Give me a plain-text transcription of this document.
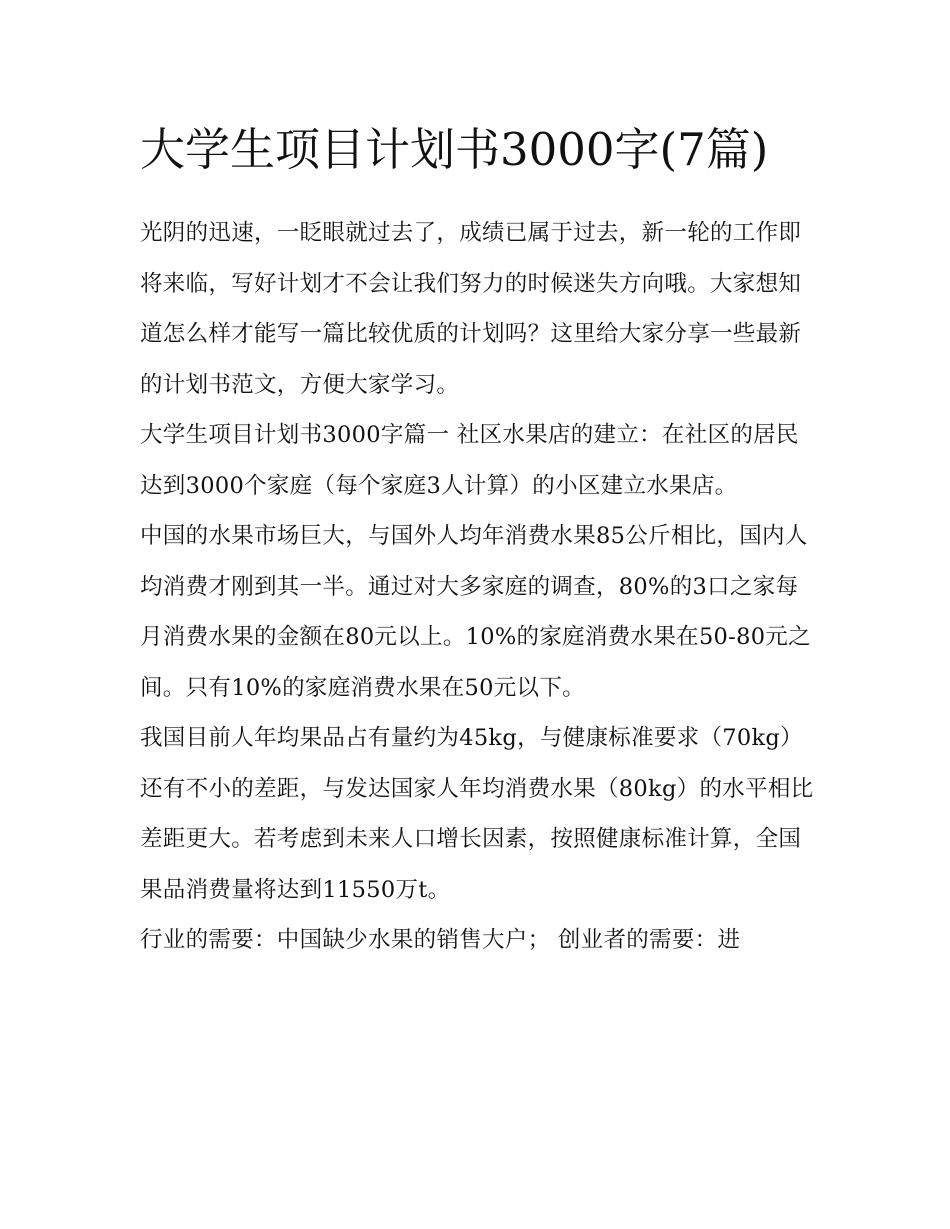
大学生项目计划书3000字(7篇)

光阴的迅速，一眨眼就过去了，成绩已属于过去，新一轮的工作即将来临，写好计划才不会让我们努力的时候迷失方向哦。大家想知道怎么样才能写一篇比较优质的计划吗？这里给大家分享一些最新的计划书范文，方便大家学习。

大学生项目计划书3000字篇一 社区水果店的建立：在社区的居民达到3000个家庭（每个家庭3人计算）的小区建立水果店。

中国的水果市场巨大，与国外人均年消费水果85公斤相比，国内人均消费才刚到其一半。通过对大多家庭的调查，80%的3口之家每月消费水果的金额在80元以上。10%的家庭消费水果在50-80元之间。只有10%的家庭消费水果在50元以下。

我国目前人年均果品占有量约为45kg，与健康标准要求（70kg）还有不小的差距，与发达国家人年均消费水果（80kg）的水平相比差距更大。若考虑到未来人口增长因素，按照健康标准计算，全国果品消费量将达到11550万t。

行业的需要：中国缺少水果的销售大户； 创业者的需要：进
